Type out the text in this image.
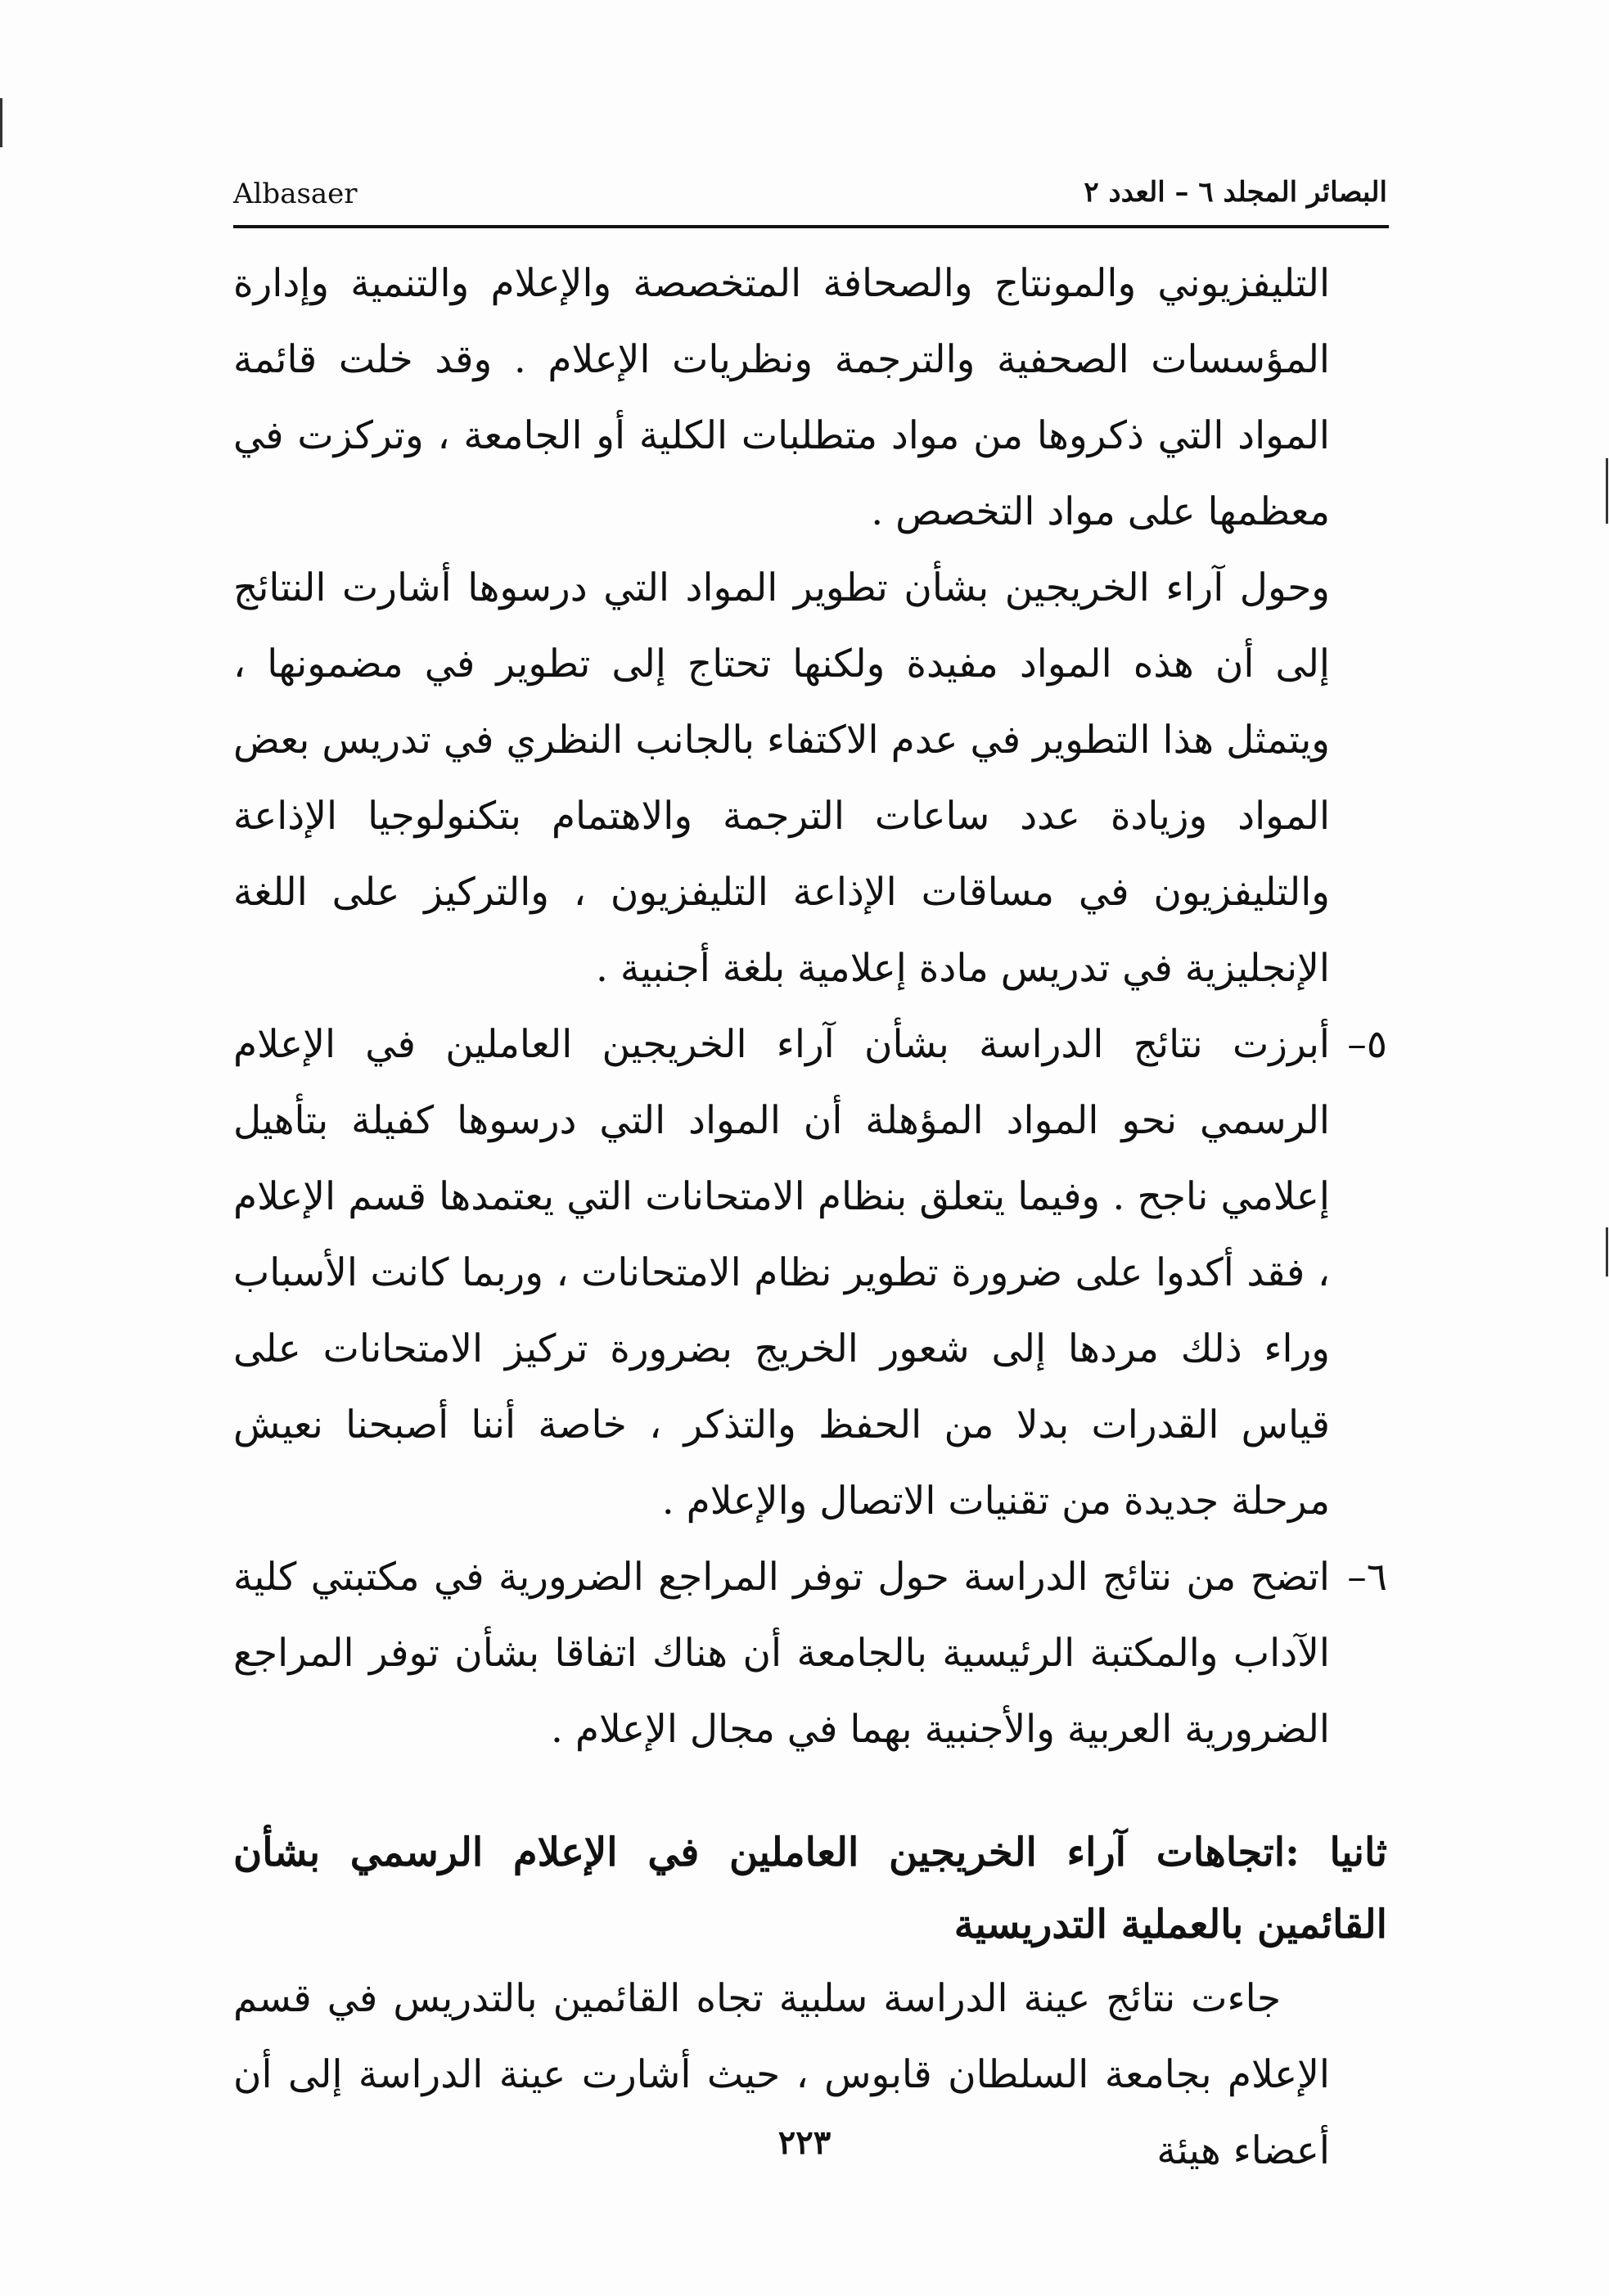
البصائر المجلد ٦ – العدد ٢
Albasaer

التليفزيوني والمونتاج والصحافة المتخصصة والإعلام والتنمية وإدارة المؤسسات الصحفية والترجمة ونظريات الإعلام . وقد خلت قائمة المواد التي ذكروها من مواد متطلبات الكلية أو الجامعة ، وتركزت في معظمها على مواد التخصص .

وحول آراء الخريجين بشأن تطوير المواد التي درسوها أشارت النتائج إلى أن هذه المواد مفيدة ولكنها تحتاج إلى تطوير في مضمونها ، ويتمثل هذا التطوير في عدم الاكتفاء بالجانب النظري في تدريس بعض المواد وزيادة عدد ساعات الترجمة والاهتمام بتكنولوجيا الإذاعة والتليفزيون في مساقات الإذاعة التليفزيون ، والتركيز على اللغة الإنجليزية في تدريس مادة إعلامية بلغة أجنبية .

٥–

أبرزت نتائج الدراسة بشأن آراء الخريجين العاملين في الإعلام الرسمي نحو المواد المؤهلة أن المواد التي درسوها كفيلة بتأهيل إعلامي ناجح . وفيما يتعلق بنظام الامتحانات التي يعتمدها قسم الإعلام ، فقد أكدوا على ضرورة تطوير نظام الامتحانات ، وربما كانت الأسباب وراء ذلك مردها إلى شعور الخريج بضرورة تركيز الامتحانات على قياس القدرات بدلا من الحفظ والتذكر ، خاصة أننا أصبحنا نعيش مرحلة جديدة من تقنيات الاتصال والإعلام .

٦–

اتضح من نتائج الدراسة حول توفر المراجع الضرورية في مكتبتي كلية الآداب والمكتبة الرئيسية بالجامعة أن هناك اتفاقا بشأن توفر المراجع الضرورية العربية والأجنبية بهما في مجال الإعلام .

ثانيا :اتجاهات آراء الخريجين العاملين في الإعلام الرسمي بشأن القائمين بالعملية التدريسية

جاءت نتائج عينة الدراسة سلبية تجاه القائمين بالتدريس في قسم الإعلام بجامعة السلطان قابوس ، حيث أشارت عينة الدراسة إلى أن أعضاء هيئة

٢٢٣
